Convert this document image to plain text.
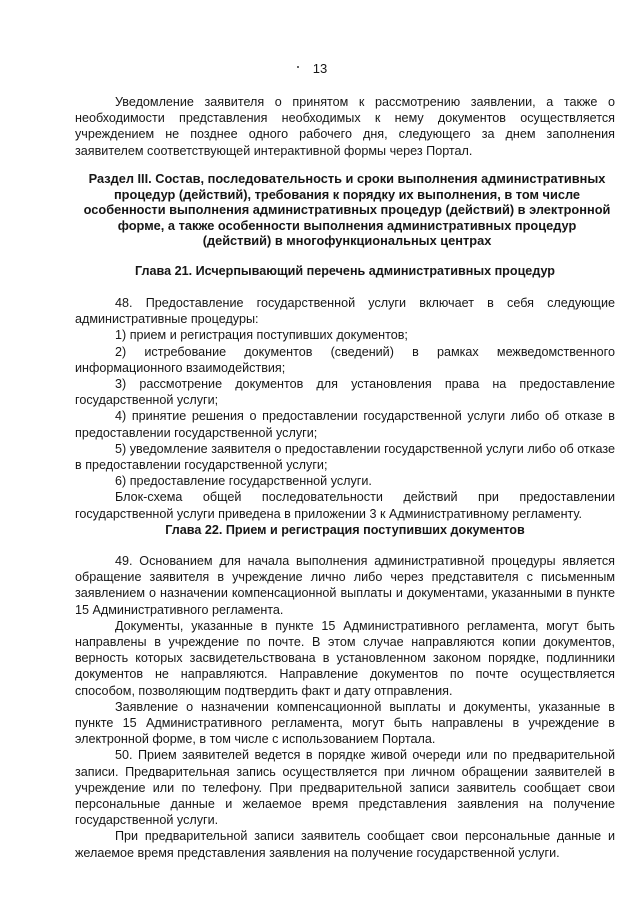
13

Уведомление заявителя о принятом к рассмотрению заявлении, а также о необходимости представления необходимых к нему документов осуществляется учреждением не позднее одного рабочего дня, следующего за днем заполнения заявителем соответствующей интерактивной формы через Портал.

Раздел III. Состав, последовательность и сроки выполнения административных процедур (действий), требования к порядку их выполнения, в том числе особенности выполнения административных процедур (действий) в электронной форме, а также особенности выполнения административных процедур (действий) в многофункциональных центрах
Глава 21. Исчерпывающий перечень административных процедур

48. Предоставление государственной услуги включает в себя следующие административные процедуры:

1) прием и регистрация поступивших документов;

2) истребование документов (сведений) в рамках межведомственного информационного взаимодействия;

3) рассмотрение документов для установления права на предоставление государственной услуги;

4) принятие решения о предоставлении государственной услуги либо об отказе в предоставлении государственной услуги;

5) уведомление заявителя о предоставлении государственной услуги либо об отказе в предоставлении государственной услуги;

6) предоставление государственной услуги.

Блок-схема общей последовательности действий при предоставлении государственной услуги приведена в приложении 3 к Административному регламенту.

Глава 22. Прием и регистрация поступивших документов

49. Основанием для начала выполнения административной процедуры является обращение заявителя в учреждение лично либо через представителя с письменным заявлением о назначении компенсационной выплаты и документами, указанными в пункте 15 Административного регламента.

Документы, указанные в пункте 15 Административного регламента, могут быть направлены в учреждение по почте. В этом случае направляются копии документов, верность которых засвидетельствована в установленном законом порядке, подлинники документов не направляются. Направление документов по почте осуществляется способом, позволяющим подтвердить факт и дату отправления.

Заявление о назначении компенсационной выплаты и документы, указанные в пункте 15 Административного регламента, могут быть направлены в учреждение в электронной форме, в том числе с использованием Портала.

50. Прием заявителей ведется в порядке живой очереди или по предварительной записи. Предварительная запись осуществляется при личном обращении заявителей в учреждение или по телефону. При предварительной записи заявитель сообщает свои персональные данные и желаемое время представления заявления на получение государственной услуги.

При предварительной записи заявитель сообщает свои персональные данные и желаемое время представления заявления на получение государственной услуги.
